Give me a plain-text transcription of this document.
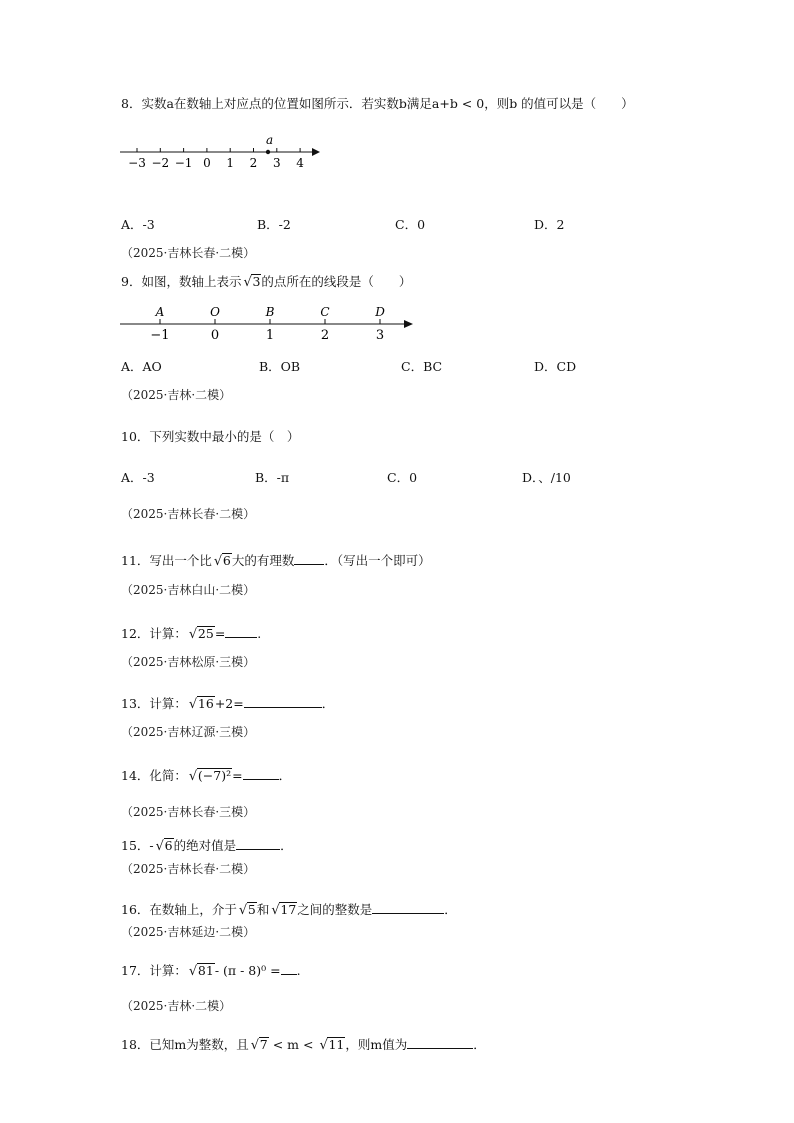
8．实数a在数轴上对应点的位置如图所示．若实数b满足a+b < 0，则b 的值可以是（　　）
−3 −2 −1 0 1 2 3 4
a
A．-3	B．-2	C．0	D．2
（2025·吉林长春·二模）
9．如图，数轴上表示 √ 3的点所在的线段是（　　）
−1
A
0
O
1
B
2
C
3
D
A．AO	B．OB	C．BC	D．CD
（2025·吉林·二模）
10．下列实数中最小的是（　）
A．-3	B．-π	C．0	D．、/10
（2025·吉林长春·二模）
11．写出一个比 √ 6大的有理数 ．（写出一个即可）
（2025·吉林白山·二模）
12．计算： √ 25=	.
（2025·吉林松原·三模）
13．计算： √ 16+2=	．
（2025·吉林辽源·三模）
14．化简： √ (−7)²=	．
（2025·吉林长春·三模）
15．- √ 6的绝对值是	．
（2025·吉林长春·二模）
16．在数轴上，介于 √ 5和 √ 17之间的整数是	．
（2025·吉林延边·二模）
17．计算： √ 81- (π - 8)⁰ = .
（2025·吉林·二模）
18．已知m为整数，且 √ 7 < m < √ 11，则m值为	．
